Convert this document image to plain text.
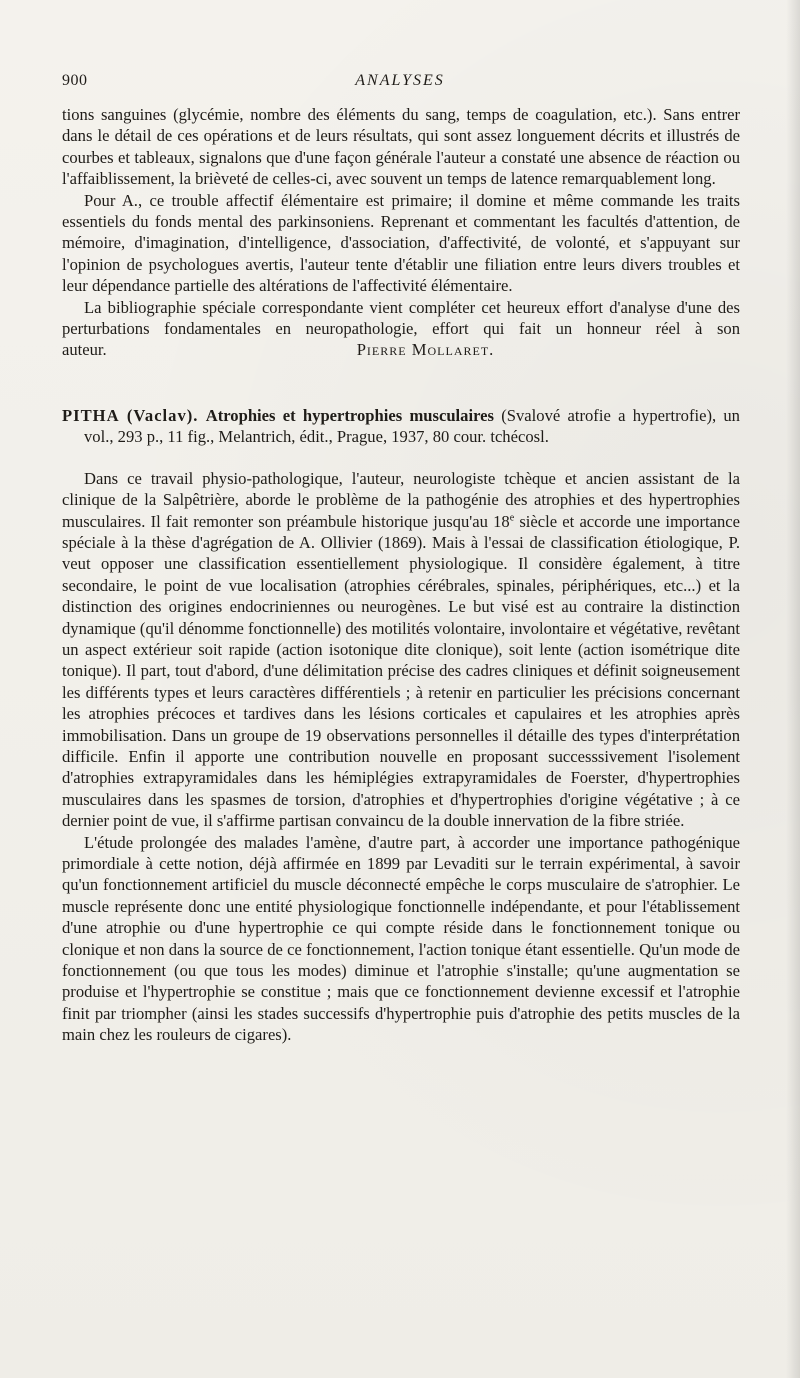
900	ANALYSES

tions sanguines (glycémie, nombre des éléments du sang, temps de coagulation, etc.). Sans entrer dans le détail de ces opérations et de leurs résultats, qui sont assez longuement décrits et illustrés de courbes et tableaux, signalons que d'une façon générale l'auteur a constaté une absence de réaction ou l'affaiblissement, la brièveté de celles-ci, avec souvent un temps de latence remarquablement long.

Pour A., ce trouble affectif élémentaire est primaire; il domine et même commande les traits essentiels du fonds mental des parkinsoniens. Reprenant et commentant les facultés d'attention, de mémoire, d'imagination, d'intelligence, d'association, d'affectivité, de volonté, et s'appuyant sur l'opinion de psychologues avertis, l'auteur tente d'établir une filiation entre leurs divers troubles et leur dépendance partielle des altérations de l'affectivité élémentaire.

La bibliographie spéciale correspondante vient compléter cet heureux effort d'analyse d'une des perturbations fondamentales en neuropathologie, effort qui fait un honneur réel à son auteur.	Pierre Mollaret.

PITHA (Vaclav). Atrophies et hypertrophies musculaires (Svalové atrofie a hypertrofie), un vol., 293 p., 11 fig., Melantrich, édit., Prague, 1937, 80 cour. tchécosl.

Dans ce travail physio-pathologique, l'auteur, neurologiste tchèque et ancien assistant de la clinique de la Salpêtrière, aborde le problème de la pathogénie des atrophies et des hypertrophies musculaires. Il fait remonter son préambule historique jusqu'au 18e siècle et accorde une importance spéciale à la thèse d'agrégation de A. Ollivier (1869). Mais à l'essai de classification étiologique, P. veut opposer une classification essentiellement physiologique. Il considère également, à titre secondaire, le point de vue localisation (atrophies cérébrales, spinales, périphériques, etc...) et la distinction des origines endocriniennes ou neurogènes. Le but visé est au contraire la distinction dynamique (qu'il dénomme fonctionnelle) des motilités volontaire, involontaire et végétative, revêtant un aspect extérieur soit rapide (action isotonique dite clonique), soit lente (action isométrique dite tonique). Il part, tout d'abord, d'une délimitation précise des cadres cliniques et définit soigneusement les différents types et leurs caractères différentiels ; à retenir en particulier les précisions concernant les atrophies précoces et tardives dans les lésions corticales et capulaires et les atrophies après immobilisation. Dans un groupe de 19 observations personnelles il détaille des types d'interprétation difficile. Enfin il apporte une contribution nouvelle en proposant successsivement l'isolement d'atrophies extrapyramidales dans les hémiplégies extrapyramidales de Foerster, d'hypertrophies musculaires dans les spasmes de torsion, d'atrophies et d'hypertrophies d'origine végétative ; à ce dernier point de vue, il s'affirme partisan convaincu de la double innervation de la fibre striée.

L'étude prolongée des malades l'amène, d'autre part, à accorder une importance pathogénique primordiale à cette notion, déjà affirmée en 1899 par Levaditi sur le terrain expérimental, à savoir qu'un fonctionnement artificiel du muscle déconnecté empêche le corps musculaire de s'atrophier. Le muscle représente donc une entité physiologique fonctionnelle indépendante, et pour l'établissement d'une atrophie ou d'une hypertrophie ce qui compte réside dans le fonctionnement tonique ou clonique et non dans la source de ce fonctionnement, l'action tonique étant essentielle. Qu'un mode de fonctionnement (ou que tous les modes) diminue et l'atrophie s'installe; qu'une augmentation se produise et l'hypertrophie se constitue ; mais que ce fonctionnement devienne excessif et l'atrophie finit par triompher (ainsi les stades successifs d'hypertrophie puis d'atrophie des petits muscles de la main chez les rouleurs de cigares).
